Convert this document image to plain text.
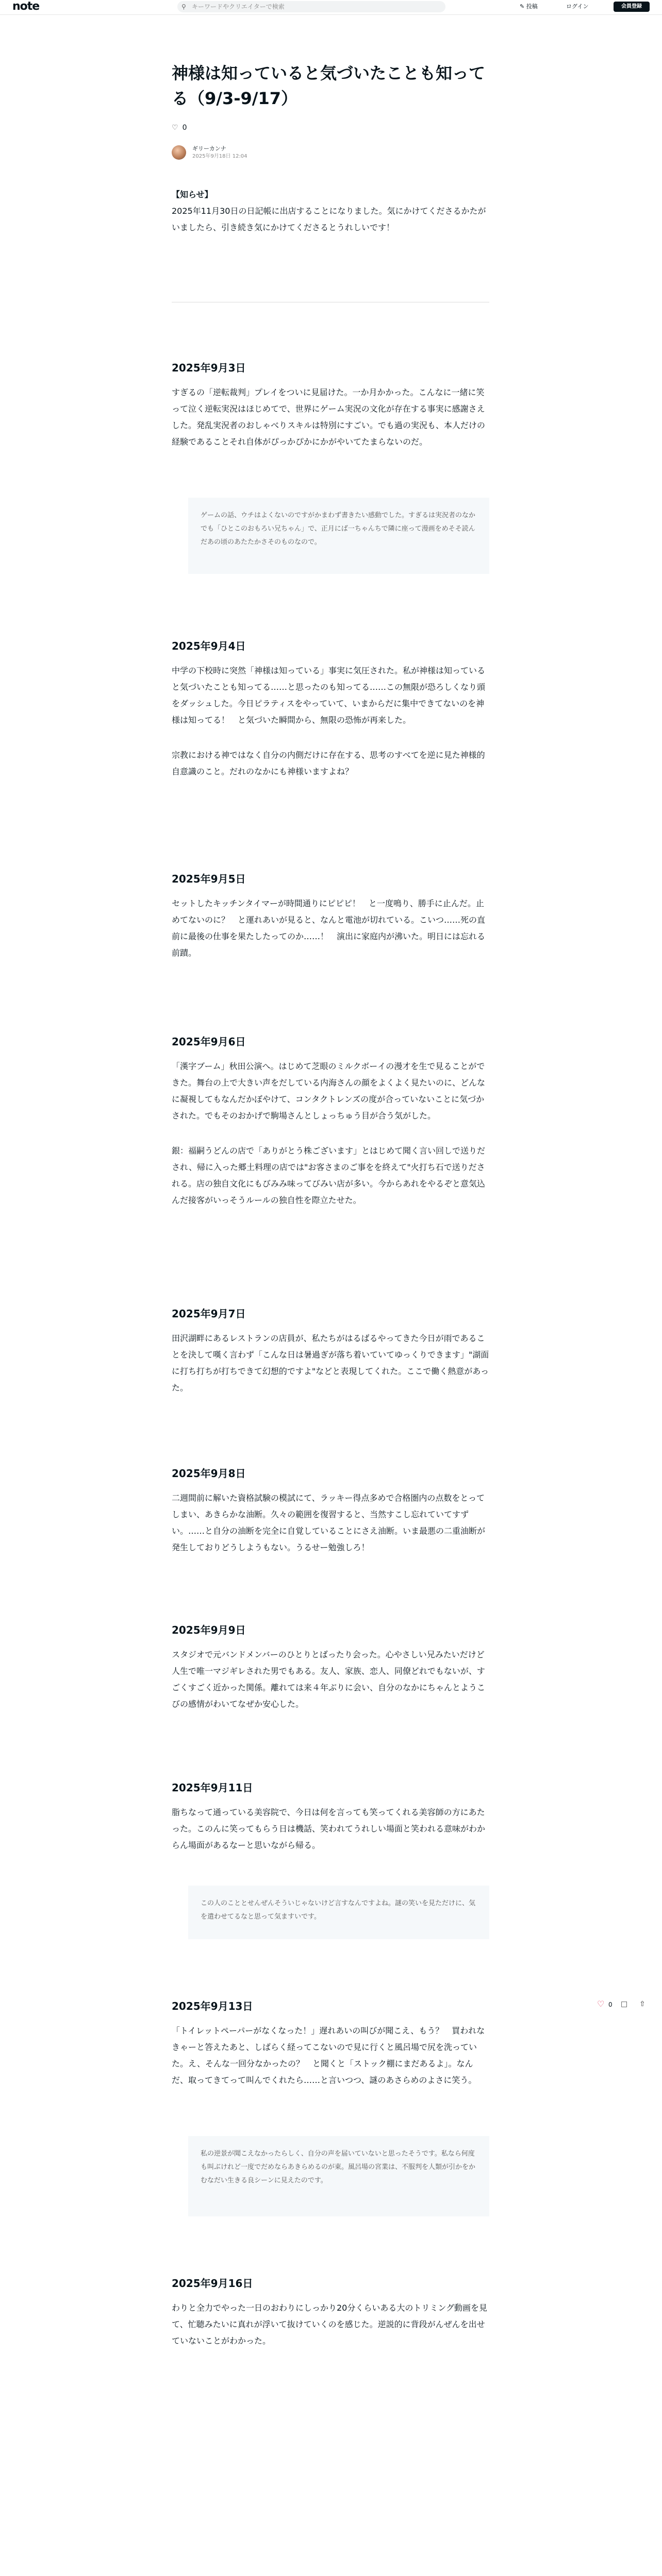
note	⚲ キーワードやクリエイターで検索	✎ 投稿	ログイン	会員登録
神様は知っていると気づいたことも知ってる（9/3-9/17）
♡ 0
ギリーカンナ
2025年9月18日 12:04

【知らせ】

2025年11月30日の日記帳に出店することになりました。気にかけてくださるかたがいましたら、引き続き気にかけてくださるとうれしいです！

2025年9月3日

すぎるの「逆転裁判」プレイをついに見届けた。一か月かかった。こんなに一緒に笑って泣く逆転実況はほじめてで、世界にゲーム実況の文化が存在する事実に感謝さえした。発乱実況者のおしゃべりスキルは特別にすごい。でも過の実況も、本人だけの経験であることそれ自体がぴっかぴかにかがやいてたまらないのだ。

ゲームの話、ウチはよくないのですがかまわず書きたい感動でした。すぎるは実況者のなかでも「ひとこのおもろい兄ちゃん」で、正月にば一ちゃんちで隣に座って漫画をめそそ読んだあの頃のあたたかさそのものなので。
2025年9月4日

中学の下校時に突然「神様は知っている」事実に気圧された。私が神様は知っていると気づいたことも知ってる……と思ったのも知ってる……この無限が恐ろしくなり頭をダッシュした。今日ピラティスをやっていて、いまからだに集中できてないのを神様は知ってる！　と気づいた瞬間から、無限の恐怖が再来した。

宗教における神ではなく自分の内側だけに存在する、思考のすべてを逆に見た神様的自意識のこと。だれのなかにも神様いますよね？

2025年9月5日

セットしたキッチンタイマーが時間通りにピピピ！　と一度鳴り、勝手に止んだ。止めてないのに？　と運れあいが見ると、なんと電池が切れている。こいつ……死の直前に最後の仕事を果たしたってのか……！　演出に家庭内が沸いた。明日には忘れる前蹟。

2025年9月6日

「漢字ブーム」秋田公演へ。はじめて芝眼のミルクボーイの漫才を生で見ることができた。舞台の上で大きい声をだしている内海さんの顔をよくよく見たいのに、どんなに凝視してもなんだかぼやけて、コンタクトレンズの度が合っていないことに気づかされた。でもそのおかげで駒場さんとしょっちゅう目が合う気がした。

銀：福嗣うどんの店で「ありがとう株ございます」とはじめて聞く言い回しで送りだされ、帰に入った郷土料理の店では"お客さまのご事をを終えて"火打ち石で送りだされる。店の独自文化にもびみみ味ってびみい店が多い。今からあれをやるぞと意気込んだ接客がいっそうルールの独自性を際立たせた。

2025年9月7日

田沢湖畔にあるレストランの店員が、私たちがはるばるやってきた今日が雨であることを決して嘆く言わず「こんな日は暑過ぎが落ち着いていてゆっくりできます」"湖面に打ち打ちが打ちできて幻想的ですよ"などと表現してくれた。ここで働く熱意があった。

2025年9月8日

二週間前に解いた資格試験の模試にて、ラッキー得点多めで合格圏内の点数をとってしまい、あきらかな油断。久々の範囲を復習すると、当然すこし忘れていてすずい。……と自分の油断を完全に自覚していることにさえ油断。いま最悪の二重油断が発生しておりどうしようもない。うるせー勉強しろ！

2025年9月9日

スタジオで元バンドメンバーのひとりとばったり会った。心やさしい兄みたいだけど人生で唯一マジギレされた男でもある。友人、家族、恋人、同僚どれでもないが、すごくすごく近かった関係。離れては来４年ぶりに会い、自分のなかにちゃんとようこびの感情がわいてなぜか安心した。

2025年9月11日

脂ちなって通っている美容院で、今日は何を言っても笑ってくれる美容師の方にあたった。このんに笑ってもらう日は機話、笑われてうれしい場面と笑われる意味がわからん場面があるなーと思いながら帰る。

この人のこととせんぜんそういじゃないけど言すなんですよね。謎の笑いを見ただけに、気を遣わせてるなと思って気ますいです。
2025年9月13日

「トイレットペーパーがなくなった！」遅れあいの叫びが聞こえ、もう？　買われなきゃーと答えたあと、しばらく経ってこないので見に行くと風呂場で尻を洗っていた。え、そんな一回分なかったの？　と聞くと「ストック棚にまだあるよ」。なんだ、取ってきてって叫んでくれたら……と言いつつ、謎のあさらめのよさに笑う。

私の逆景が聞こえなかったらしく、自分の声を届いていないと思ったそうです。私なら何度も叫ぶけれど一度でだめならあきらめるのが東。風呂場の宮業は、不服判を人類が引かをかむなだい生きる良シーンに見えたのです。
2025年9月16日

わりと全力でやった一日のおわりにしっかり20分くらいある大のトリミング動画を見て、忙聴みたいに真れが浮いて抜けていくのを感じた。逆説的に背段がんぜんを出せていないことがわかった。

♡ 0 □ ⇧
